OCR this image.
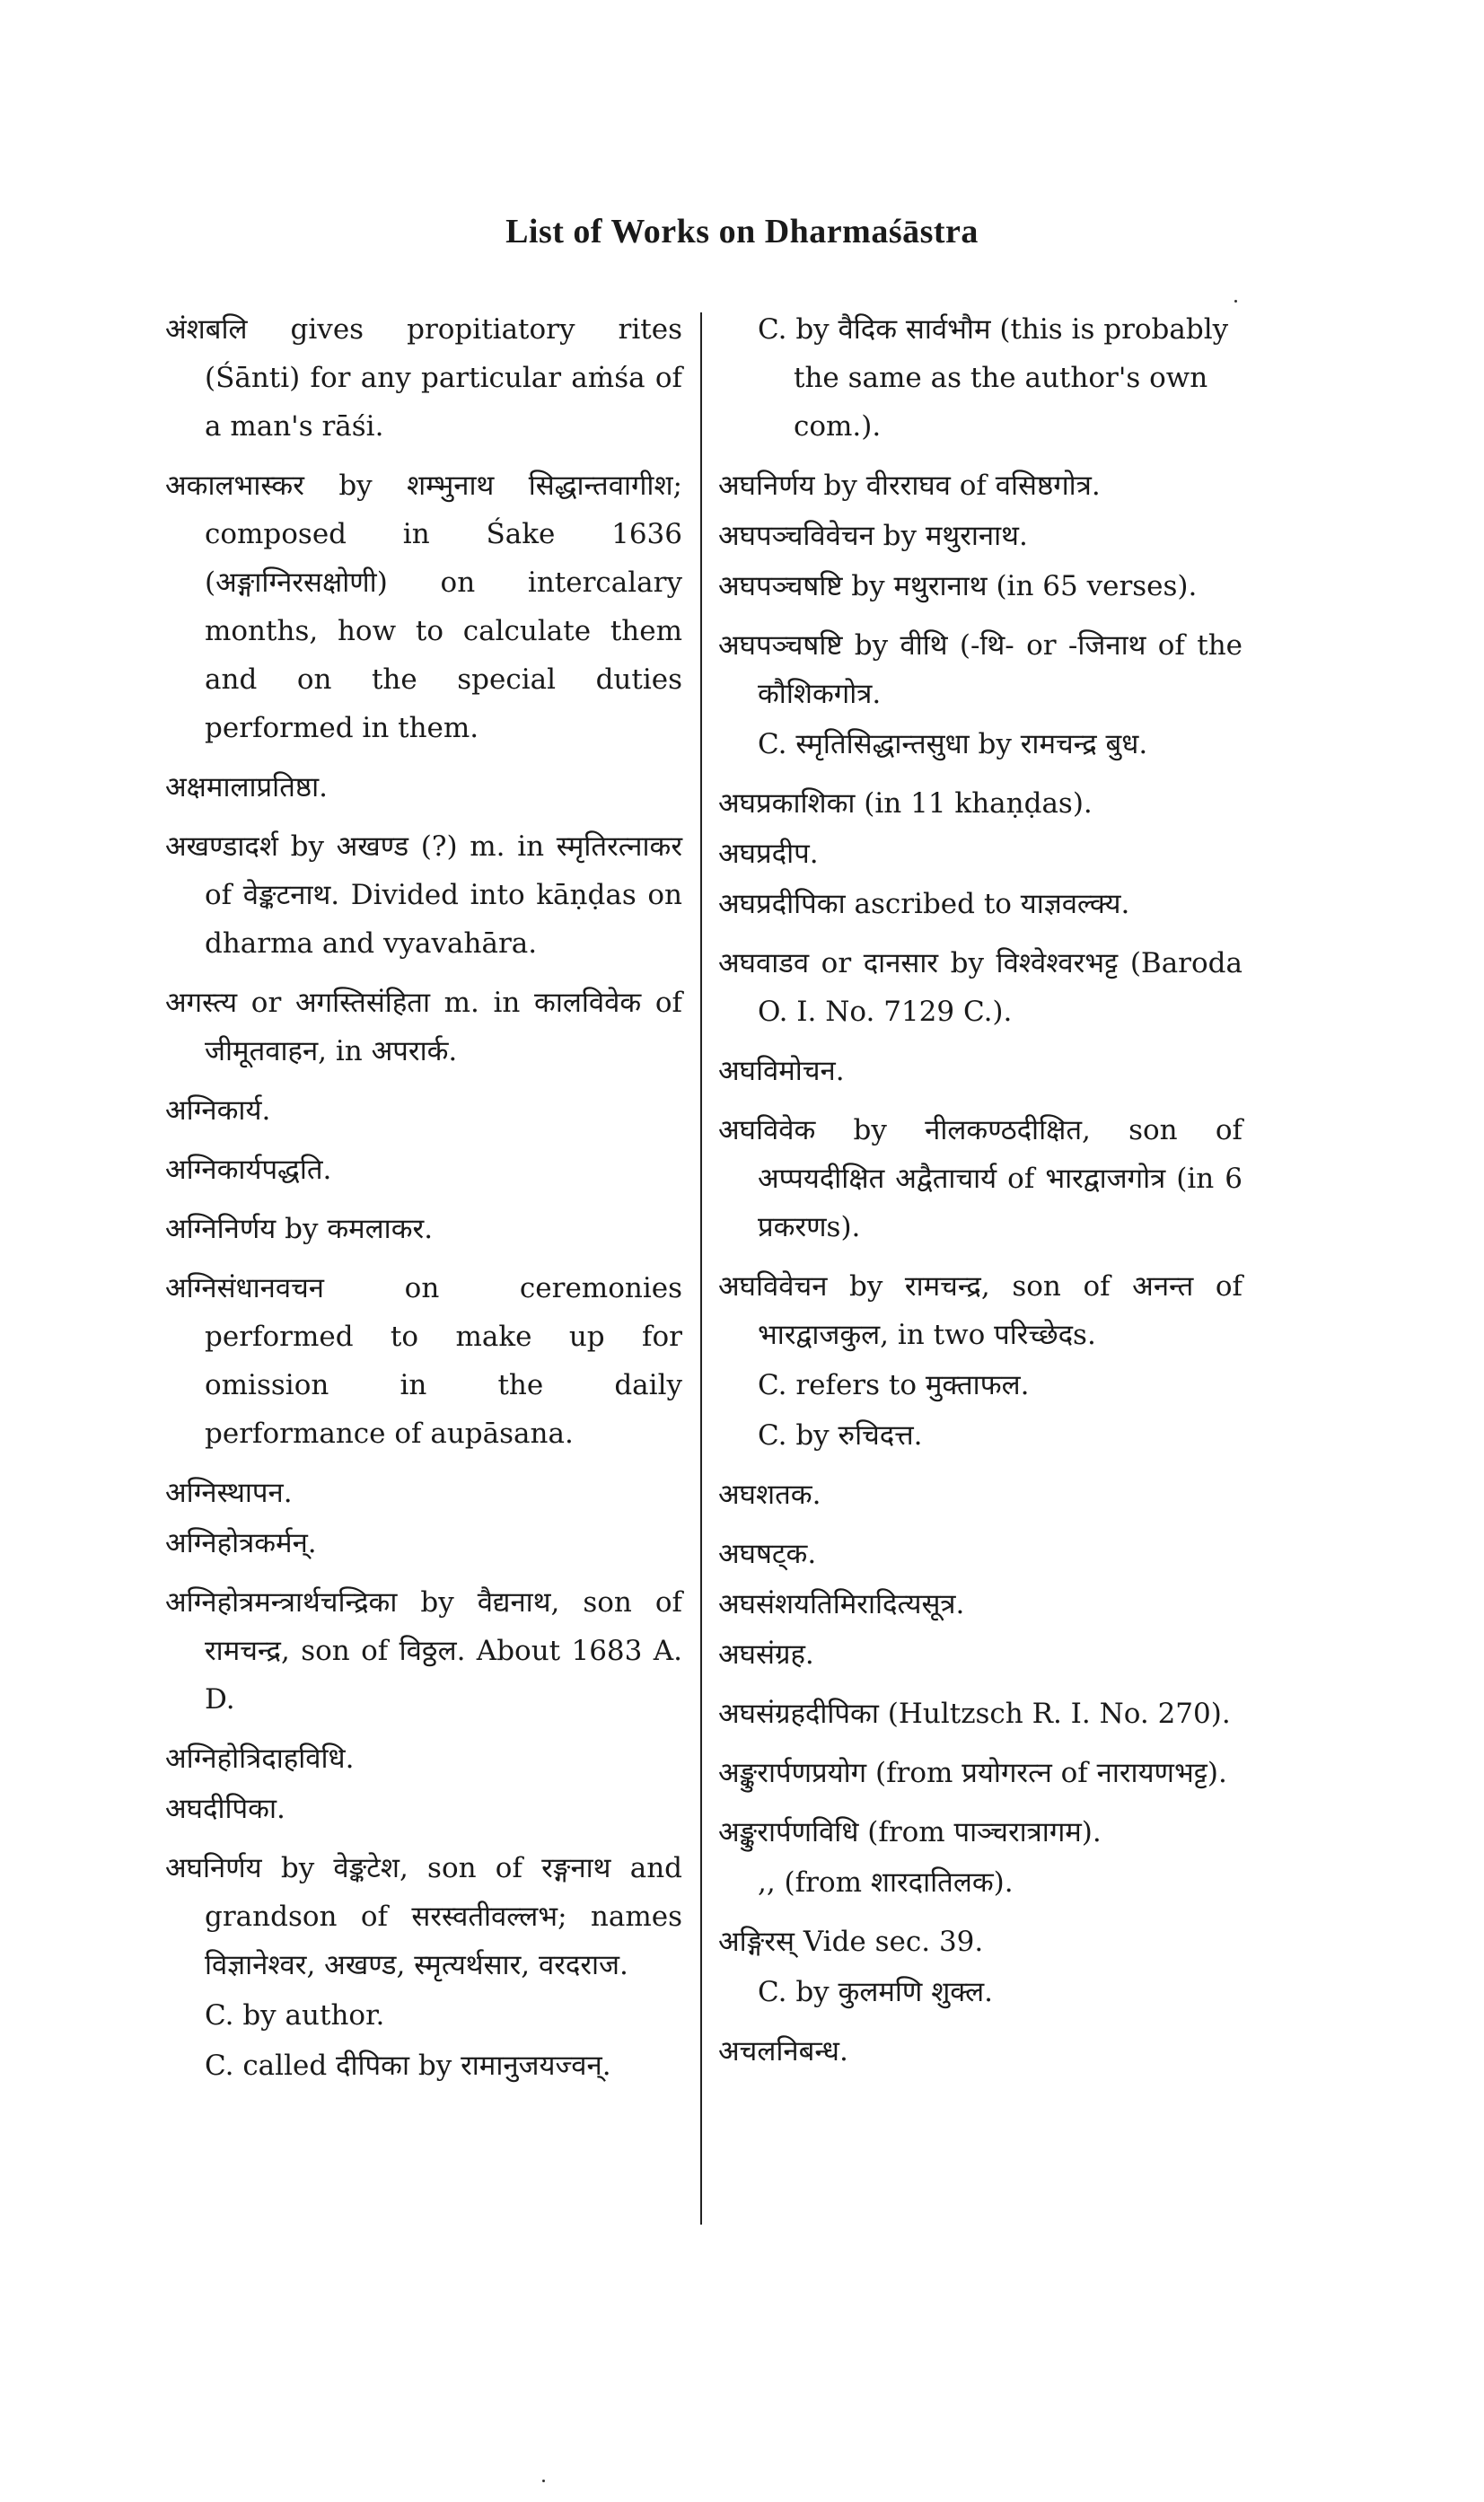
List of Works on Dharmaśāstra
अंशबलि gives propitiatory rites (Śānti) for any particular aṁśa of a man's rāśi.
अकालभास्कर by शम्भुनाथ सिद्धान्तवागीश; composed in Śake 1636 (अङ्गाग्निरसक्षोणी) on intercalary months, how to calculate them and on the special duties performed in them.
अक्षमालाप्रतिष्ठा.
अखण्डादर्श by अखण्ड (?) m. in स्मृतिरत्नाकर of वेङ्कटनाथ. Divided into kāṇḍas on dharma and vyavahāra.
अगस्त्य or अगस्तिसंहिता m. in कालविवेक of जीमूतवाहन, in अपरार्क.
अग्निकार्य.
अग्निकार्यपद्धति.
अग्निनिर्णय by कमलाकर.
अग्निसंधानवचन on ceremonies performed to make up for omission in the daily performance of aupāsana.
अग्निस्थापन.
अग्निहोत्रकर्मन्.
अग्निहोत्रमन्त्रार्थचन्द्रिका by वैद्यनाथ, son of रामचन्द्र, son of विठ्ठल. About 1683 A. D.
अग्निहोत्रिदाहविधि.
अघदीपिका.
अघनिर्णय by वेङ्कटेश, son of रङ्गनाथ and grandson of सरस्वतीवल्लभ; names विज्ञानेश्वर, अखण्ड, स्मृत्यर्थसार, वरदराज.
C. by author.
C. called दीपिका by रामानुजयज्वन्.
C. by वैदिक सार्वभौम (this is probably the same as the author's own com.).
अघनिर्णय by वीरराघव of वसिष्ठगोत्र.
अघपञ्चविवेचन by मथुरानाथ.
अघपञ्चषष्टि by मथुरानाथ (in 65 verses).
अघपञ्चषष्टि by वीथि (-थि- or -जिनाथ of the कौशिकगोत्र.
C. स्मृतिसिद्धान्तसुधा by रामचन्द्र बुध.
अघप्रकाशिका (in 11 khaṇḍas).
अघप्रदीप.
अघप्रदीपिका ascribed to याज्ञवल्क्य.
अघवाडव or दानसार by विश्वेश्वरभट्ट (Baroda O. I. No. 7129 C.).
अघविमोचन.
अघविवेक by नीलकण्ठदीक्षित, son of अप्पयदीक्षित अद्वैताचार्य of भारद्वाजगोत्र (in 6 प्रकरणs).
अघविवेचन by रामचन्द्र, son of अनन्त of भारद्वाजकुल, in two परिच्छेदs.
C. refers to मुक्ताफल.
C. by रुचिदत्त.
अघशतक.
अघषट्क.
अघसंशयतिमिरादित्यसूत्र.
अघसंग्रह.
अघसंग्रहदीपिका (Hultzsch R. I. No. 270).
अङ्कुरार्पणप्रयोग (from प्रयोगरत्न of नारायणभट्ट).
अङ्कुरार्पणविधि (from पाञ्चरात्रागम).
,, (from शारदातिलक).
अङ्गिरस् Vide sec. 39.
C. by कुलमणि शुक्ल.
अचलनिबन्ध.
